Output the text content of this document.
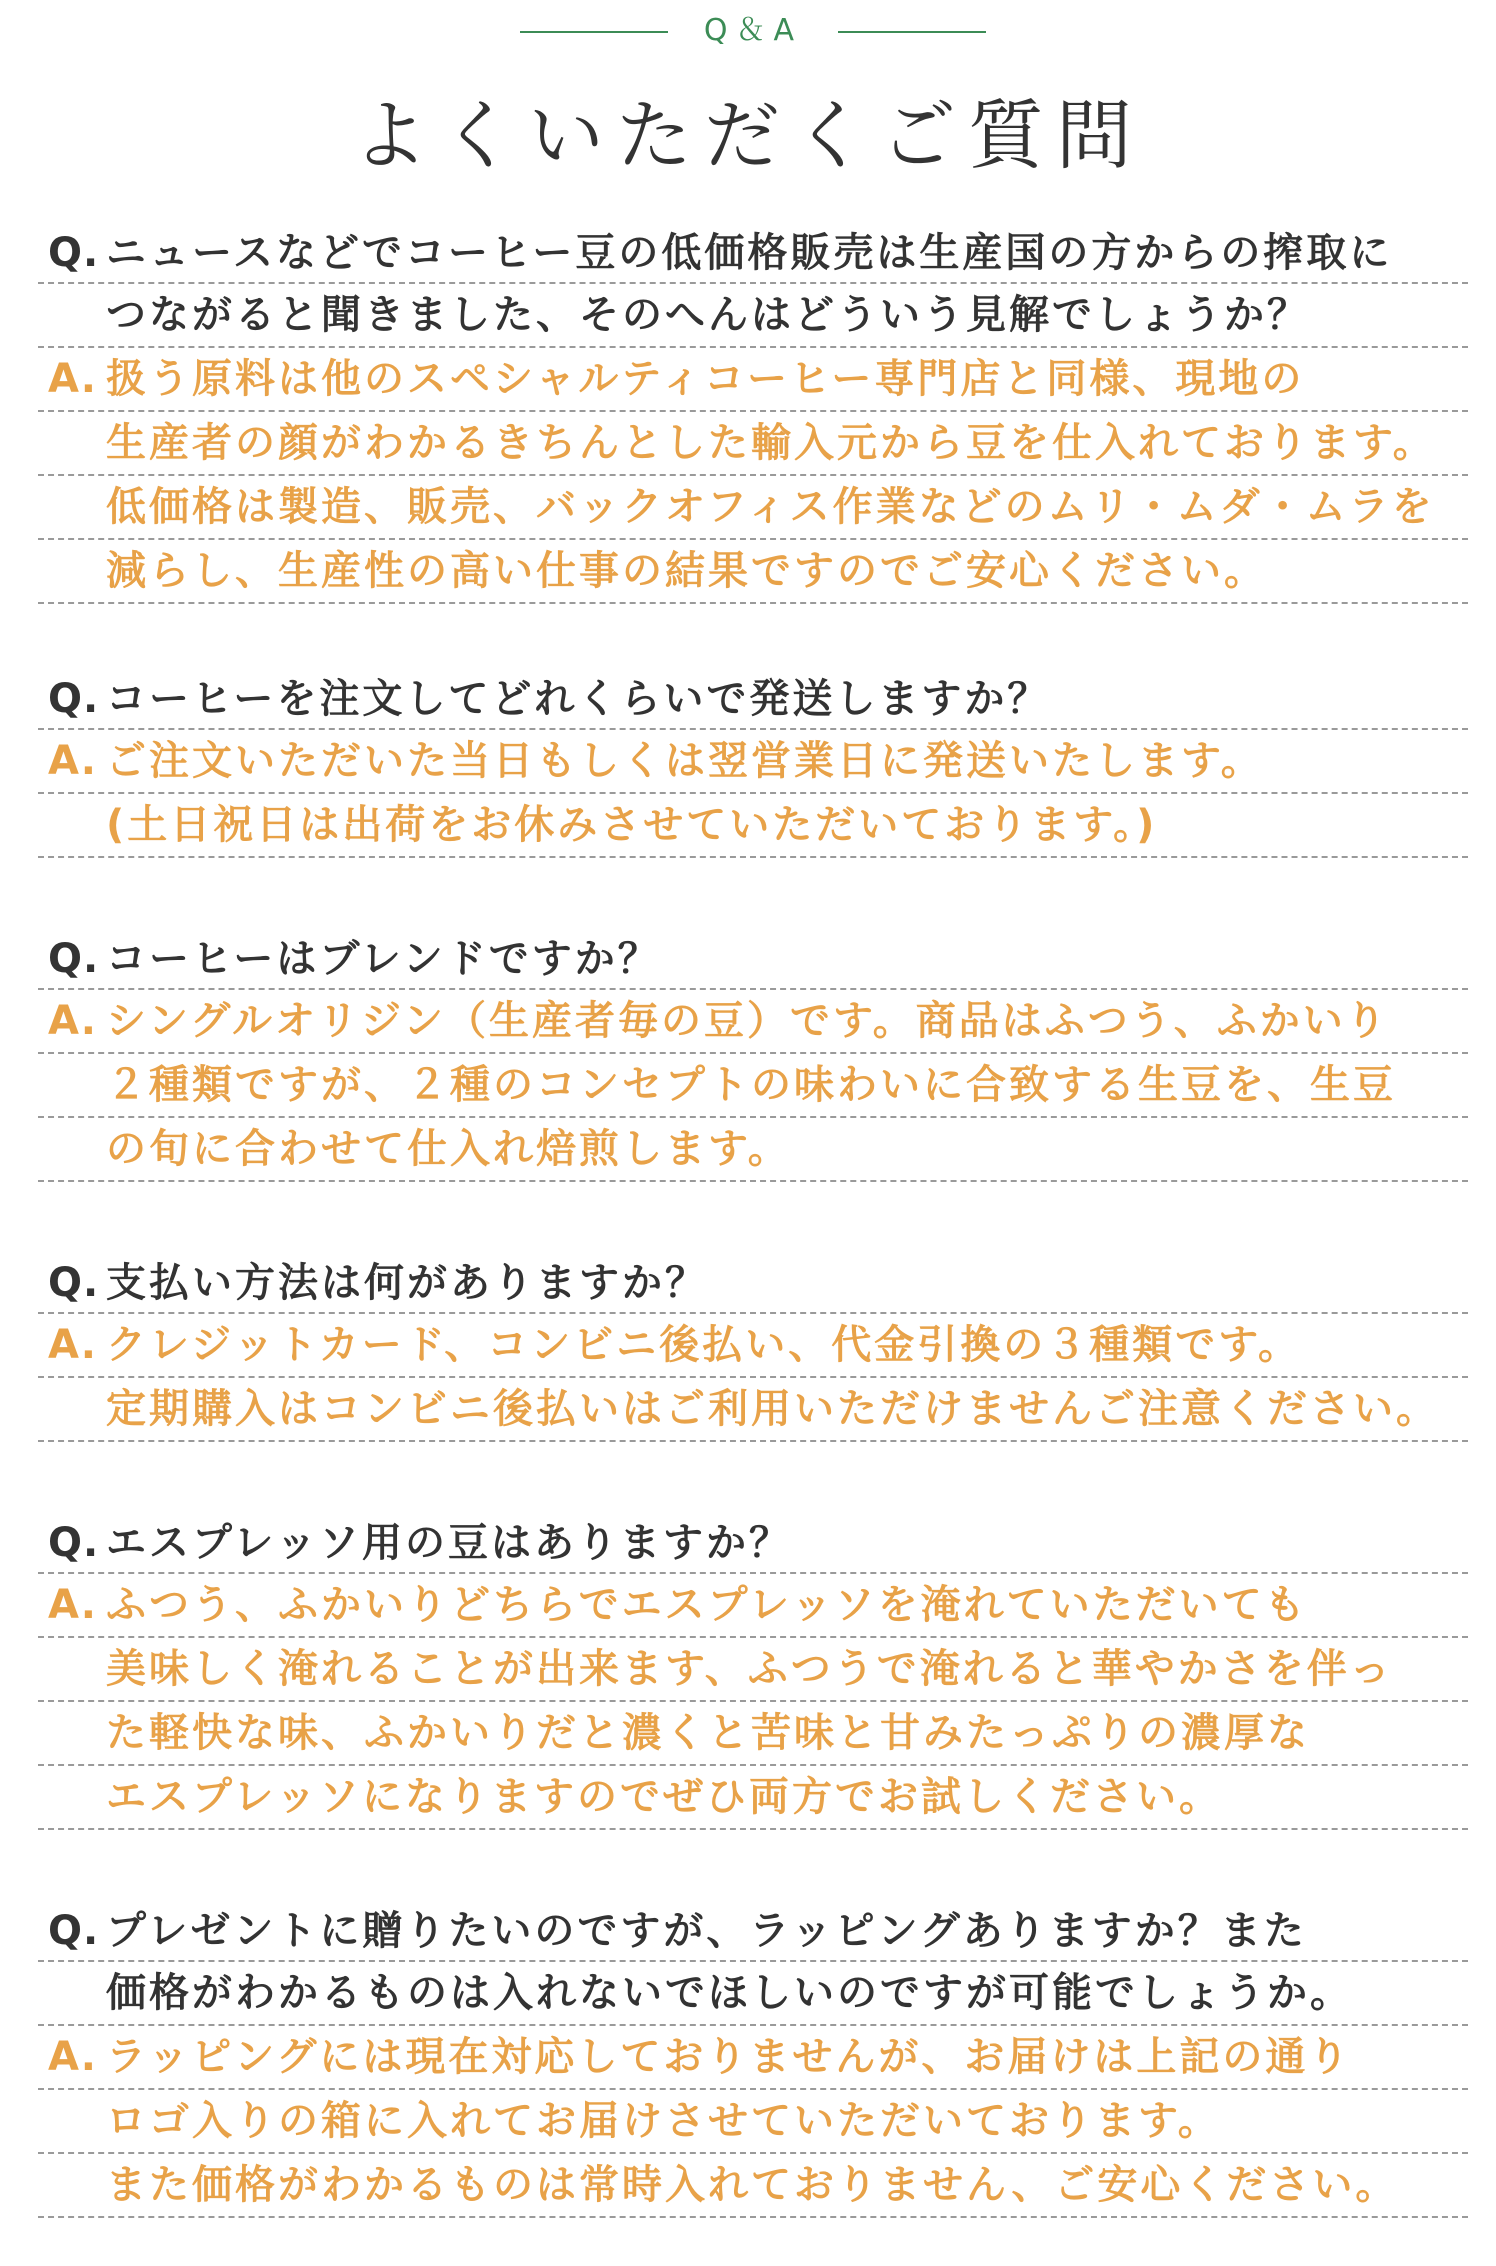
Q＆A
よくいただくご質問
Q. ニュースなどでコーヒー豆の低価格販売は生産国の方からの搾取に
つながると聞きました、そのへんはどういう見解でしょうか？
A. 扱う原料は他のスペシャルティコーヒー専門店と同様、現地の
生産者の顔がわかるきちんとした輸入元から豆を仕入れております。
低価格は製造、販売、バックオフィス作業などのムリ・ムダ・ムラを
減らし、生産性の高い仕事の結果ですのでご安心ください。
Q. コーヒーを注文してどれくらいで発送しますか？
A. ご注文いただいた当日もしくは翌営業日に発送いたします。
(土日祝日は出荷をお休みさせていただいております。)
Q. コーヒーはブレンドですか？
A. シングルオリジン（生産者毎の豆）です。商品はふつう、ふかいり
２種類ですが、２種のコンセプトの味わいに合致する生豆を、生豆
の旬に合わせて仕入れ焙煎します。
Q. 支払い方法は何がありますか？
A. クレジットカード、コンビニ後払い、代金引換の３種類です。
定期購入はコンビニ後払いはご利用いただけませんご注意ください。
Q. エスプレッソ用の豆はありますか？
A. ふつう、ふかいりどちらでエスプレッソを淹れていただいても
美味しく淹れることが出来ます、ふつうで淹れると華やかさを伴っ
た軽快な味、ふかいりだと濃くと苦味と甘みたっぷりの濃厚な
エスプレッソになりますのでぜひ両方でお試しください。
Q. プレゼントに贈りたいのですが、ラッピングありますか？また
価格がわかるものは入れないでほしいのですが可能でしょうか。
A. ラッピングには現在対応しておりませんが、お届けは上記の通り
ロゴ入りの箱に入れてお届けさせていただいております。
また価格がわかるものは常時入れておりません、ご安心ください。
